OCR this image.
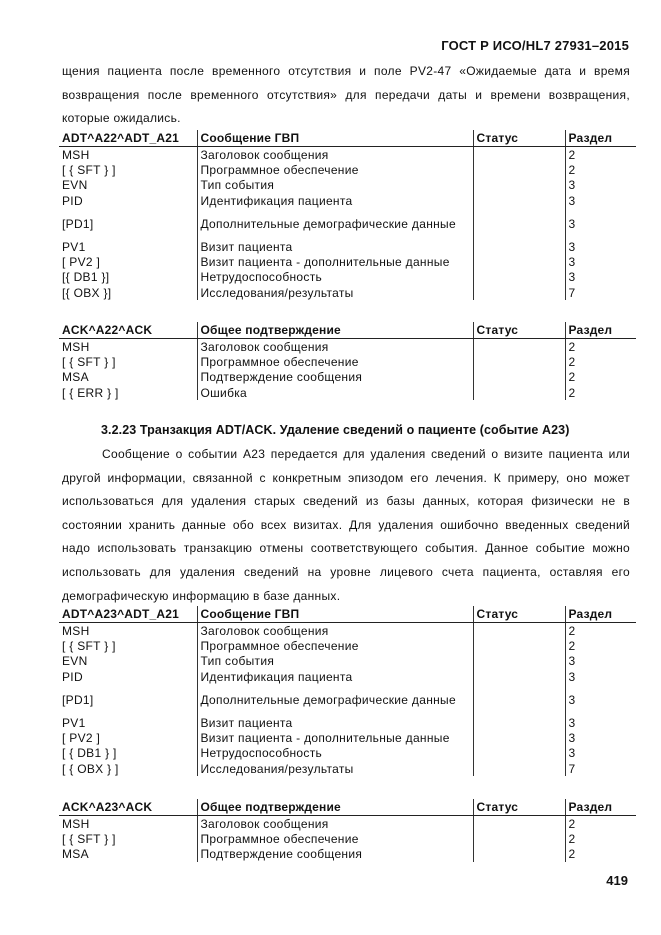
ГОСТ Р ИСО/HL7 27931–2015
щения пациента после временного отсутствия и поле PV2-47 «Ожидаемые дата и время возвращения после временного отсутствия» для передачи даты и времени возвращения, которые ожидались.
ADT^A22^ADT_A21	Сообщение ГВП	Статус	Раздел
MSH	Заголовок сообщения		2
[ { SFT } ]	Программное обеспечение		2
EVN	Тип события		3
PID	Идентификация пациента		3
[PD1]	Дополнительные демографические данные		3
PV1	Визит пациента		3
[ PV2 ]	Визит пациента - дополнительные данные		3
[{ DB1 }]	Нетрудоспособность		3
[{ OBX }]	Исследования/результаты		7
ACK^A22^ACK	Общее подтверждение	Статус	Раздел
MSH	Заголовок сообщения		2
[ { SFT } ]	Программное обеспечение		2
MSA	Подтверждение сообщения		2
[ { ERR } ]	Ошибка		2
3.2.23 Транзакция ADT/ACK. Удаление сведений о пациенте (событие A23)
Сообщение о событии A23 передается для удаления сведений о визите пациента или другой информации, связанной с конкретным эпизодом его лечения. К примеру, оно может использоваться для удаления старых сведений из базы данных, которая физически не в состоянии хранить данные обо всех визитах. Для удаления ошибочно введенных сведений надо использовать транзакцию отмены соответствующего события. Данное событие можно использовать для удаления сведений на уровне лицевого счета пациента, оставляя его демографическую информацию в базе данных.
ADT^A23^ADT_A21	Сообщение ГВП	Статус	Раздел
MSH	Заголовок сообщения		2
[ { SFT } ]	Программное обеспечение		2
EVN	Тип события		3
PID	Идентификация пациента		3
[PD1]	Дополнительные демографические данные		3
PV1	Визит пациента		3
[ PV2 ]	Визит пациента - дополнительные данные		3
[ { DB1 } ]	Нетрудоспособность		3
[ { OBX } ]	Исследования/результаты		7
ACK^A23^ACK	Общее подтверждение	Статус	Раздел
MSH	Заголовок сообщения		2
[ { SFT } ]	Программное обеспечение		2
MSA	Подтверждение сообщения		2
419
